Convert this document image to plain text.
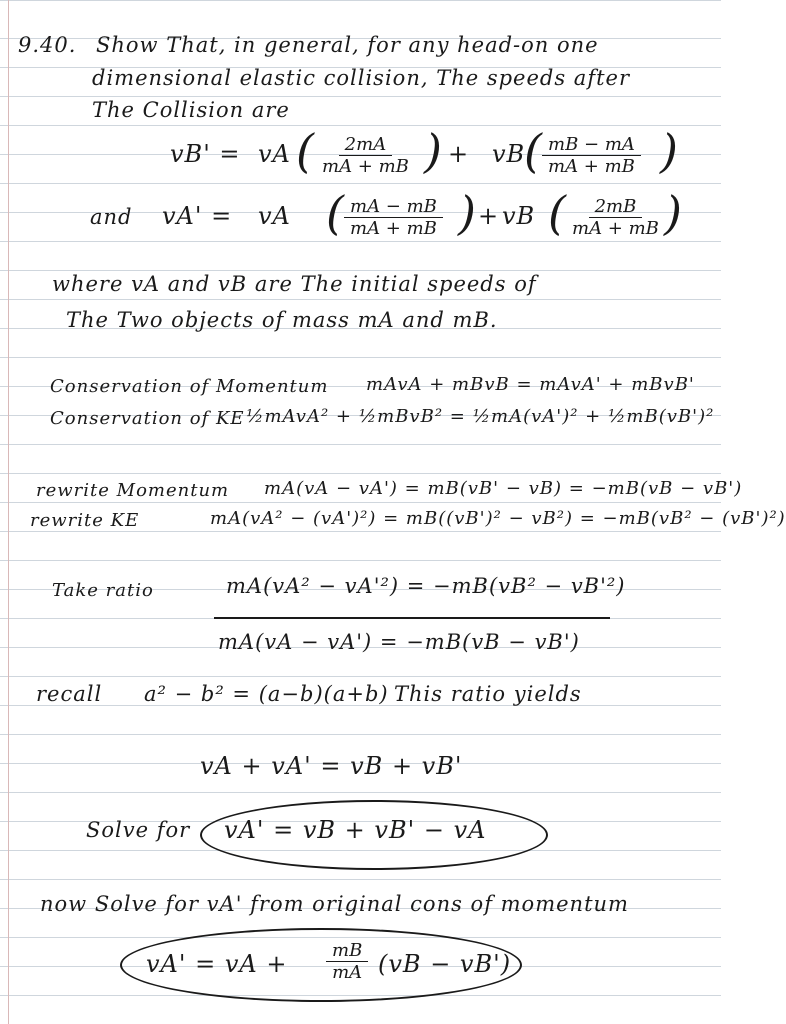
9.40. Show That, in general, for any head-on one
dimensional elastic collision, The speeds after
The Collision are
vB' = vA ( $\frac{2mA}{mA + mB}$ ) + vB
( $\frac{mB - mA}{mA + mB}$ )
and vA' = vA ( $\frac{mA - mB}{mA + mB}$ ) + vB ( $\frac{2mB}{mA + mB}$ )
where vA and vB are The initial speeds of
The Two objects of mass mA and mB.
Conservation of Momentum mAvA + mBvB = mAvA' + mBvB'
Conservation of KE ½mAvA² + ½mBvB² = ½mA(vA')² + ½mB(vB')²
rewrite Momentum mA(vA − vA') = mB(vB' − vB) = −mB(vB − vB')
rewrite KE	mA(vA² − (vA')²) = mB((vB')² − vB²) = −mB(vB² − (vB')²)
Take ratio	mA(vA² − vA'²) = −mB(vB² − vB'²)
mA(vA − vA') = −mB(vB − vB')
recall a² − b² = (a−b)(a+b) This ratio yields
vA + vA' = vB + vB'
Solve for vA' = vB + vB' − vA
now Solve for vA' from original cons of momentum
vA' = vA + $\frac{mB}{mA} (vB - vB')$
